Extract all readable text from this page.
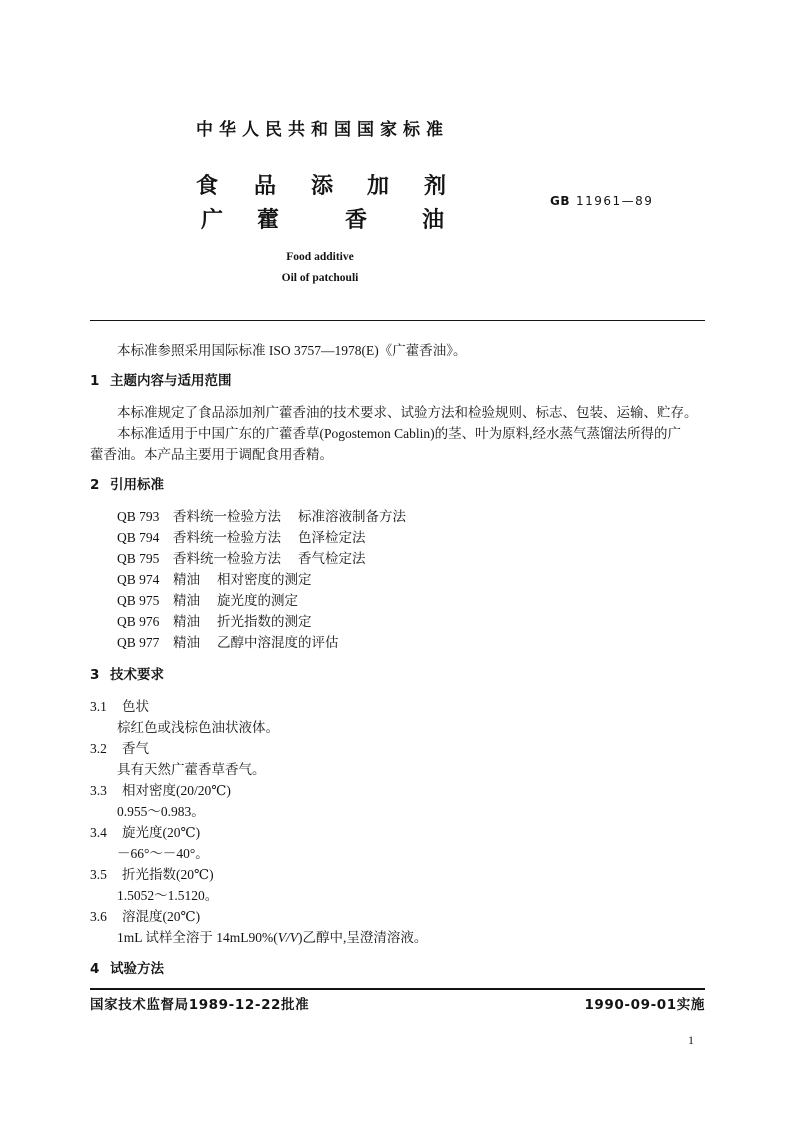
中华人民共和国国家标准
食 品 添 加 剂
广 藿	香 油
GB 11961—89
Food additive
Oil of patchouli
本标准参照采用国际标准 ISO 3757—1978(E)《广藿香油》。
1 主题内容与适用范围
本标准规定了食品添加剂广藿香油的技术要求、试验方法和检验规则、标志、包装、运输、贮存。
本标准适用于中国广东的广藿香草(Pogostemon Cablin)的茎、叶为原料,经水蒸气蒸馏法所得的广
藿香油。本产品主要用于调配食用香精。
2 引用标准
QB 793 香料统一检验方法 标准溶液制备方法
QB 794 香料统一检验方法 色泽检定法
QB 795 香料统一检验方法 香气检定法
QB 974 精油 相对密度的测定
QB 975 精油 旋光度的测定
QB 976 精油 折光指数的测定
QB 977 精油 乙醇中溶混度的评估
3 技术要求
3.1 色状
棕红色或浅棕色油状液体。
3.2 香气
具有天然广藿香草香气。
3.3 相对密度(20/20℃)
0.955～0.983。
3.4 旋光度(20℃)
－66°～－40°。
3.5 折光指数(20℃)
1.5052～1.5120。
3.6 溶混度(20℃)
1mL 试样全溶于 14mL90%(V/V)乙醇中,呈澄清溶液。
4 试验方法
国家技术监督局1989-12-22批准	1990-09-01实施
1
